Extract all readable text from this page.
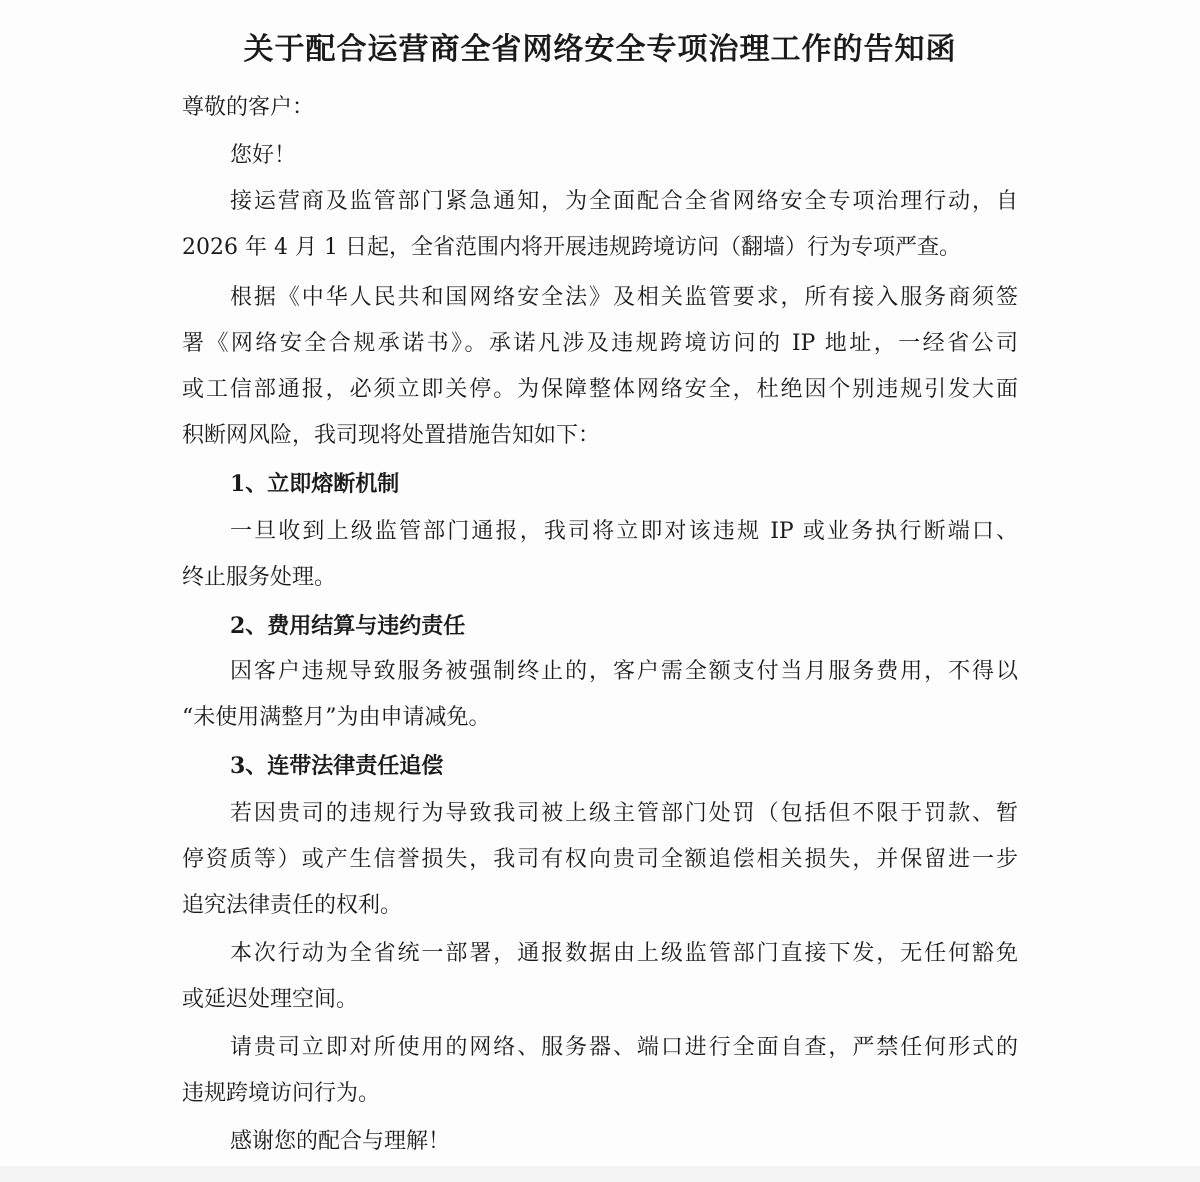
关于配合运营商全省网络安全专项治理工作的告知函
尊敬的客户：
您好！
接运营商及监管部门紧急通知，为全面配合全省网络安全专项治理行动，自
2026 年 4 月 1 日起，全省范围内将开展违规跨境访问（翻墙）行为专项严查。
根据《中华人民共和国网络安全法》及相关监管要求，所有接入服务商须签
署《网络安全合规承诺书》。承诺凡涉及违规跨境访问的 IP 地址，一经省公司
或工信部通报，必须立即关停。为保障整体网络安全，杜绝因个别违规引发大面
积断网风险，我司现将处置措施告知如下：
1、立即熔断机制
一旦收到上级监管部门通报，我司将立即对该违规 IP 或业务执行断端口、
终止服务处理。
2、费用结算与违约责任
因客户违规导致服务被强制终止的，客户需全额支付当月服务费用，不得以
“未使用满整月”为由申请减免。
3、连带法律责任追偿
若因贵司的违规行为导致我司被上级主管部门处罚（包括但不限于罚款、暂
停资质等）或产生信誉损失，我司有权向贵司全额追偿相关损失，并保留进一步
追究法律责任的权利。
本次行动为全省统一部署，通报数据由上级监管部门直接下发，无任何豁免
或延迟处理空间。
请贵司立即对所使用的网络、服务器、端口进行全面自查，严禁任何形式的
违规跨境访问行为。
感谢您的配合与理解！
